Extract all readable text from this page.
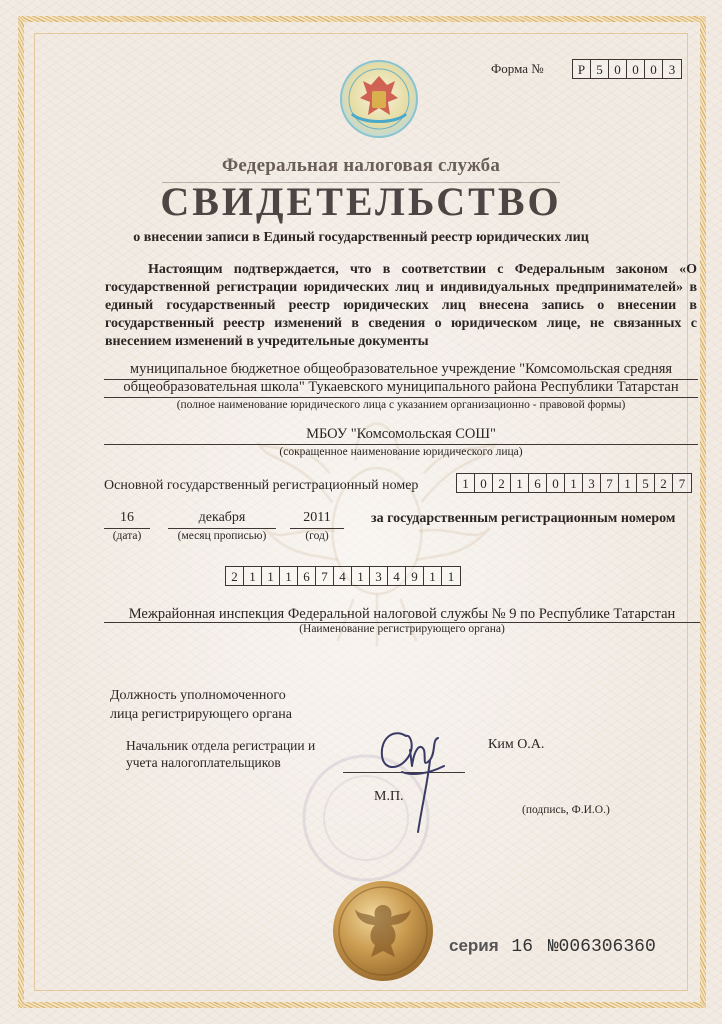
Форма №	Р 5 0 0 0 3
Федеральная налоговая служба
СВИДЕТЕЛЬСТВО
о внесении записи в Единый государственный реестр юридических лиц

Настоящим подтверждается, что в соответствии с Федеральным законом «О государственной регистрации юридических лиц и индивидуальных предпринимателей» в единый государственный реестр юридических лиц внесена запись о внесении в государственный реестр изменений в сведения о юридическом лице, не связанных с внесением изменений в учредительные документы

муниципальное бюджетное общеобразовательное учреждение "Комсомольская средняя
общеобразовательная школа" Тукаевского муниципального района Республики Татарстан
(полное наименование юридического лица с указанием организационно - правовой формы)
МБОУ "Комсомольская СОШ"
(сокращенное наименование юридического лица)
Основной государственный регистрационный номер	1 0 2 1 6 0 1 3 7 1 5 2 7
16
(дата)
декабря
(месяц прописью)
2011
(год)
за государственным регистрационным номером
2 1 1 1 6 7 4 1 3 4 9 1 1
Межрайонная инспекция Федеральной налоговой службы № 9 по Республике Татарстан
(Наименование регистрирующего органа)
Должность уполномоченного
лица регистрирующего органа
Начальник отдела регистрации и
учета налогоплательщиков
Ким О.А.
М.П.
(подпись, Ф.И.О.)
серия 16 №006306360
